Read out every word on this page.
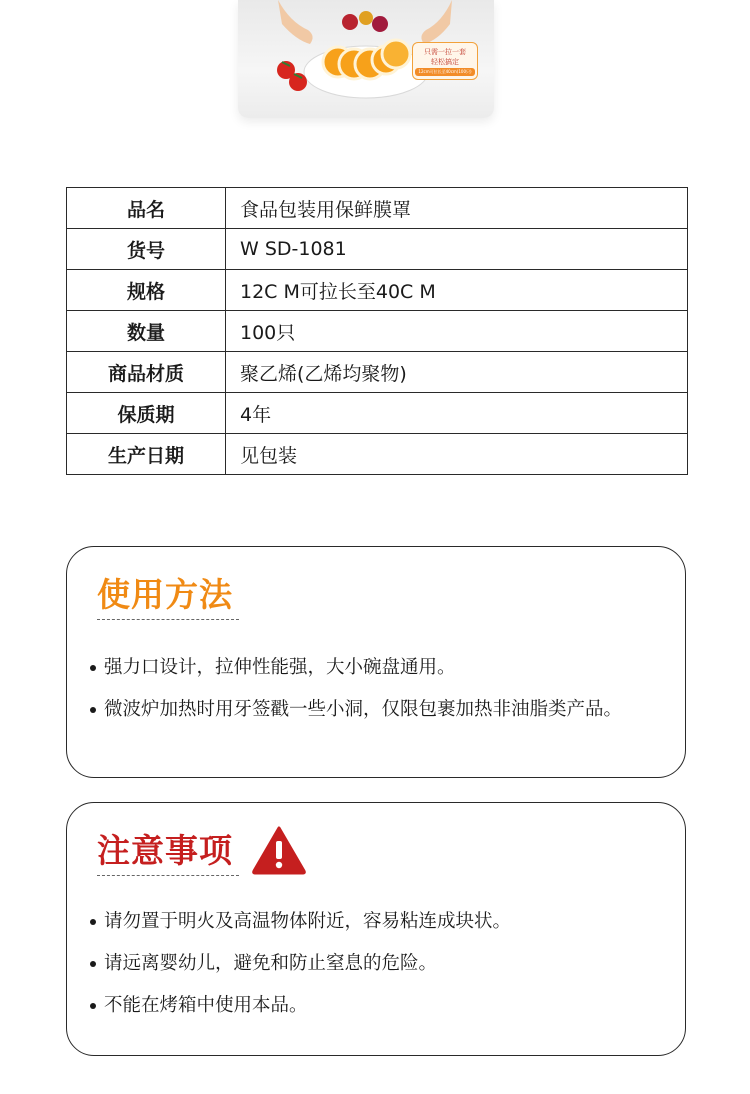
只需一拉一套
轻松搞定
12cm可拉长至40cm(100只)
品名	食品包装用保鲜膜罩
货号	W SD-1081
规格	12C M可拉长至40C M
数量	100只
商品材质	聚乙烯(乙烯均聚物)
保质期	4年
生产日期	见包装
使用方法
强力口设计，拉伸性能强，大小碗盘通用。
微波炉加热时用牙签戳一些小洞，仅限包裹加热非油脂类产品。
注意事项
请勿置于明火及高温物体附近，容易粘连成块状。
请远离婴幼儿，避免和防止窒息的危险。
不能在烤箱中使用本品。
